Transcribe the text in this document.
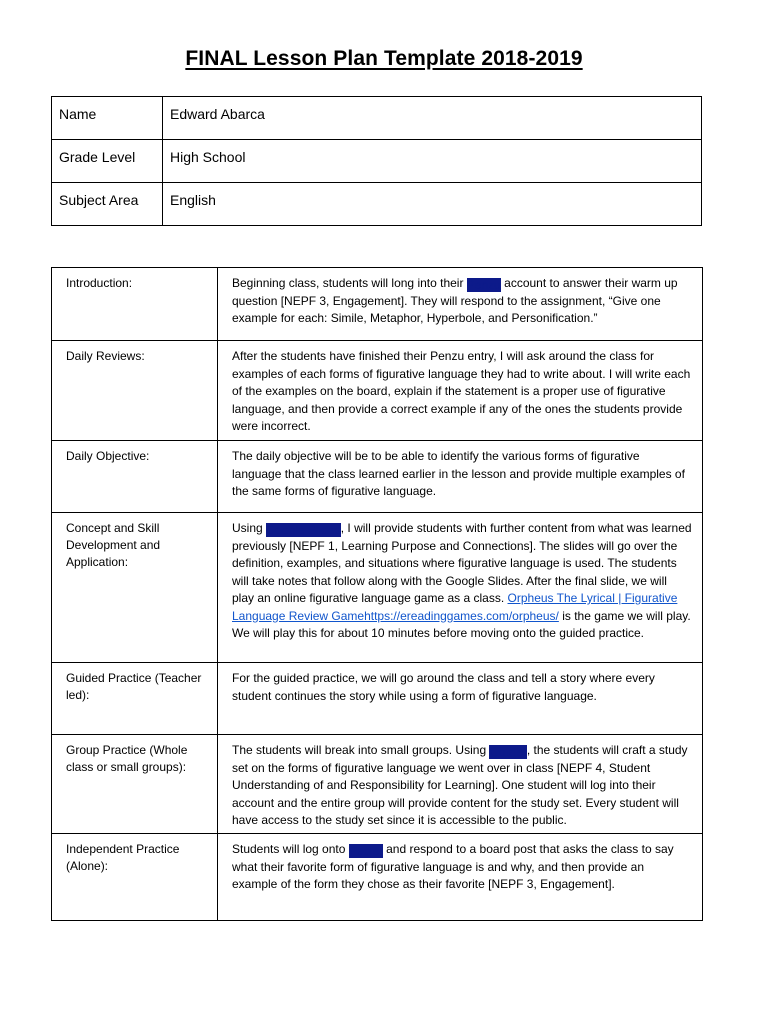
FINAL Lesson Plan Template 2018-2019
Name	Edward Abarca
Grade Level	High School
Subject Area	English
Introduction:	Beginning class, students will long into their Penzu account to answer their warm up question [NEPF 3, Engagement]. They will respond to the assignment, “Give one example for each: Simile, Metaphor, Hyperbole, and Personification.”
Daily Reviews:	After the students have finished their Penzu entry, I will ask around the class for examples of each forms of figurative language they had to write about. I will write each of the examples on the board, explain if the statement is a proper use of figurative language, and then provide a correct example if any of the ones the students provide were incorrect.
Daily Objective:	The daily objective will be to be able to identify the various forms of figurative language that the class learned earlier in the lesson and provide multiple examples of the same forms of figurative language.
Concept and Skill Development and Application:	Using Google Slides, I will provide students with further content from what was learned previously [NEPF 1, Learning Purpose and Connections]. The slides will go over the definition, examples, and situations where figurative language is used. The students will take notes that follow along with the Google Slides. After the final slide, we will play an online figurative language game as a class. Orpheus The Lyrical | Figurative Language Review Gamehttps://ereadinggames.com/orpheus/ is the game we will play. We will play this for about 10 minutes before moving onto the guided practice.
Guided Practice (Teacher led):	For the guided practice, we will go around the class and tell a story where every student continues the story while using a form of figurative language.
Group Practice (Whole class or small groups):	The students will break into small groups. Using Quizlet, the students will craft a study set on the forms of figurative language we went over in class [NEPF 4, Student Understanding of and Responsibility for Learning]. One student will log into their account and the entire group will provide content for the study set. Every student will have access to the study set since it is accessible to the public.
Independent Practice (Alone):	Students will log onto Padlet and respond to a board post that asks the class to say what their favorite form of figurative language is and why, and then provide an example of the form they chose as their favorite [NEPF 3, Engagement].
